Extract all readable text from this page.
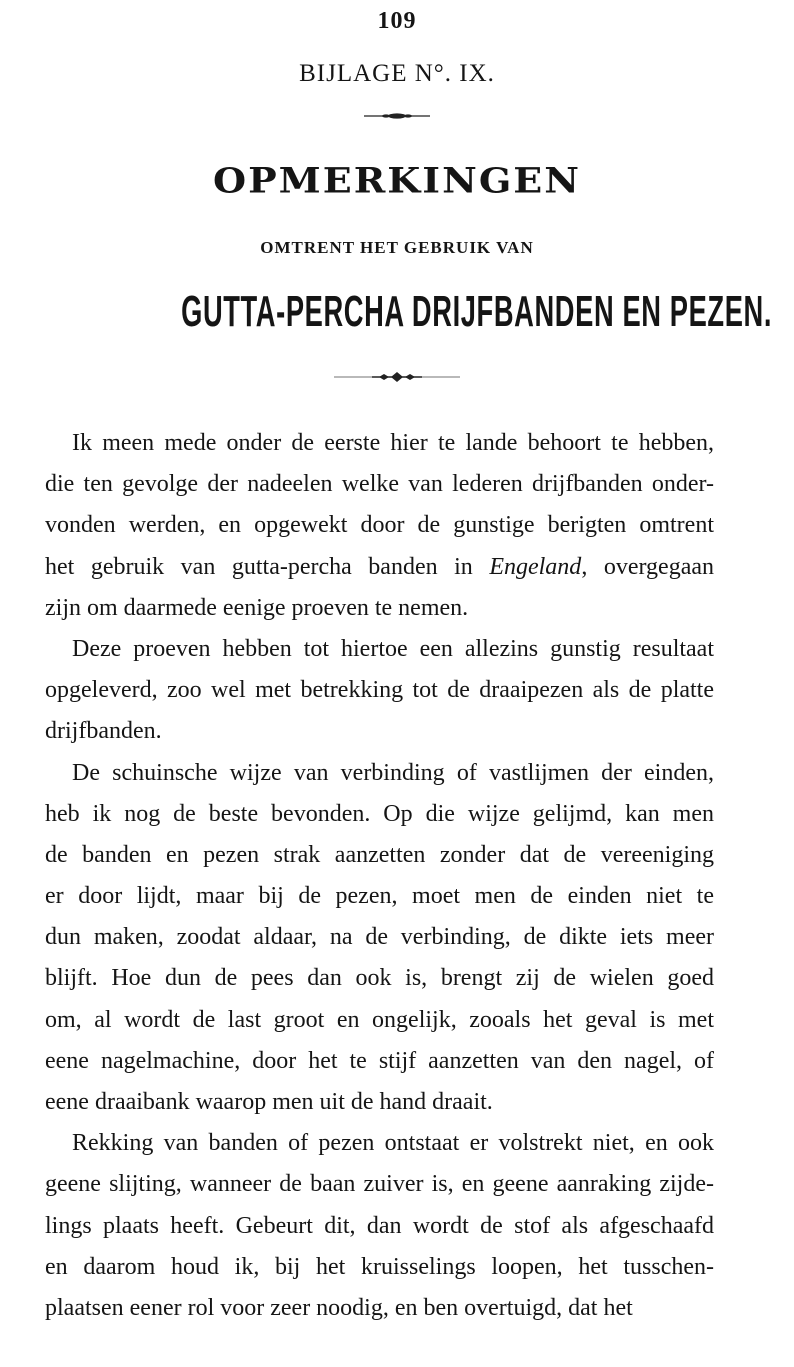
109
BIJLAGE N°. IX.
OPMERKINGEN
OMTRENT HET GEBRUIK VAN
GUTTA-PERCHA DRIJFBANDEN EN PEZEN.
Ik meen mede onder de eerste hier te lande behoort te hebben,
die ten gevolge der nadeelen welke van lederen drijfbanden onder-
vonden werden, en opgewekt door de gunstige berigten omtrent
het gebruik van gutta-percha banden in Engeland, overgegaan
zijn om daarmede eenige proeven te nemen.
Deze proeven hebben tot hiertoe een allezins gunstig resultaat
opgeleverd, zoo wel met betrekking tot de draaipezen als de platte
drijfbanden.
De schuinsche wijze van verbinding of vastlijmen der einden,
heb ik nog de beste bevonden. Op die wijze gelijmd, kan men
de banden en pezen strak aanzetten zonder dat de vereeniging
er door lijdt, maar bij de pezen, moet men de einden niet te
dun maken, zoodat aldaar, na de verbinding, de dikte iets meer
blijft. Hoe dun de pees dan ook is, brengt zij de wielen goed
om, al wordt de last groot en ongelijk, zooals het geval is met
eene nagelmachine, door het te stijf aanzetten van den nagel, of
eene draaibank waarop men uit de hand draait.
Rekking van banden of pezen ontstaat er volstrekt niet, en ook
geene slijting, wanneer de baan zuiver is, en geene aanraking zijde-
lings plaats heeft. Gebeurt dit, dan wordt de stof als afgeschaafd
en daarom houd ik, bij het kruisselings loopen, het tusschen-
plaatsen eener rol voor zeer noodig, en ben overtuigd, dat het
